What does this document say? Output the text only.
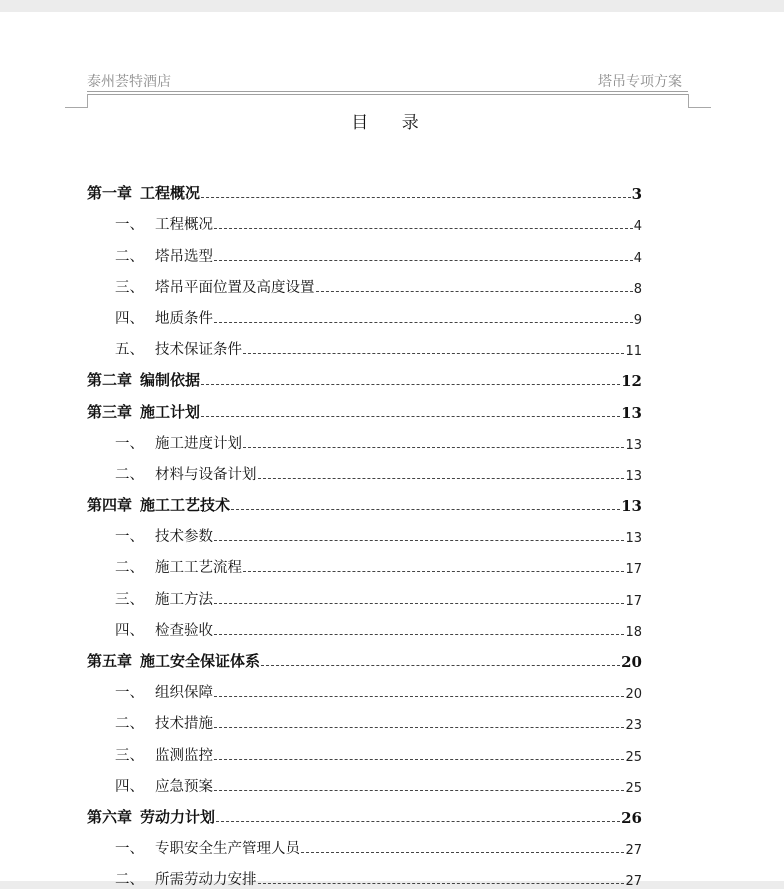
泰州荟特酒店	塔吊专项方案
目 录
第一章 工程概况	3
一、 工程概况	4
二、 塔吊选型	4
三、 塔吊平面位置及高度设置	8
四、 地质条件	9
五、 技术保证条件	11
第二章 编制依据	12
第三章 施工计划	13
一、 施工进度计划	13
二、 材料与设备计划	13
第四章 施工工艺技术	13
一、 技术参数	13
二、 施工工艺流程	17
三、 施工方法	17
四、 检查验收	18
第五章 施工安全保证体系	20
一、 组织保障	20
二、 技术措施	23
三、 监测监控	25
四、 应急预案	25
第六章 劳动力计划	26
一、 专职安全生产管理人员	27
二、 所需劳动力安排	27
